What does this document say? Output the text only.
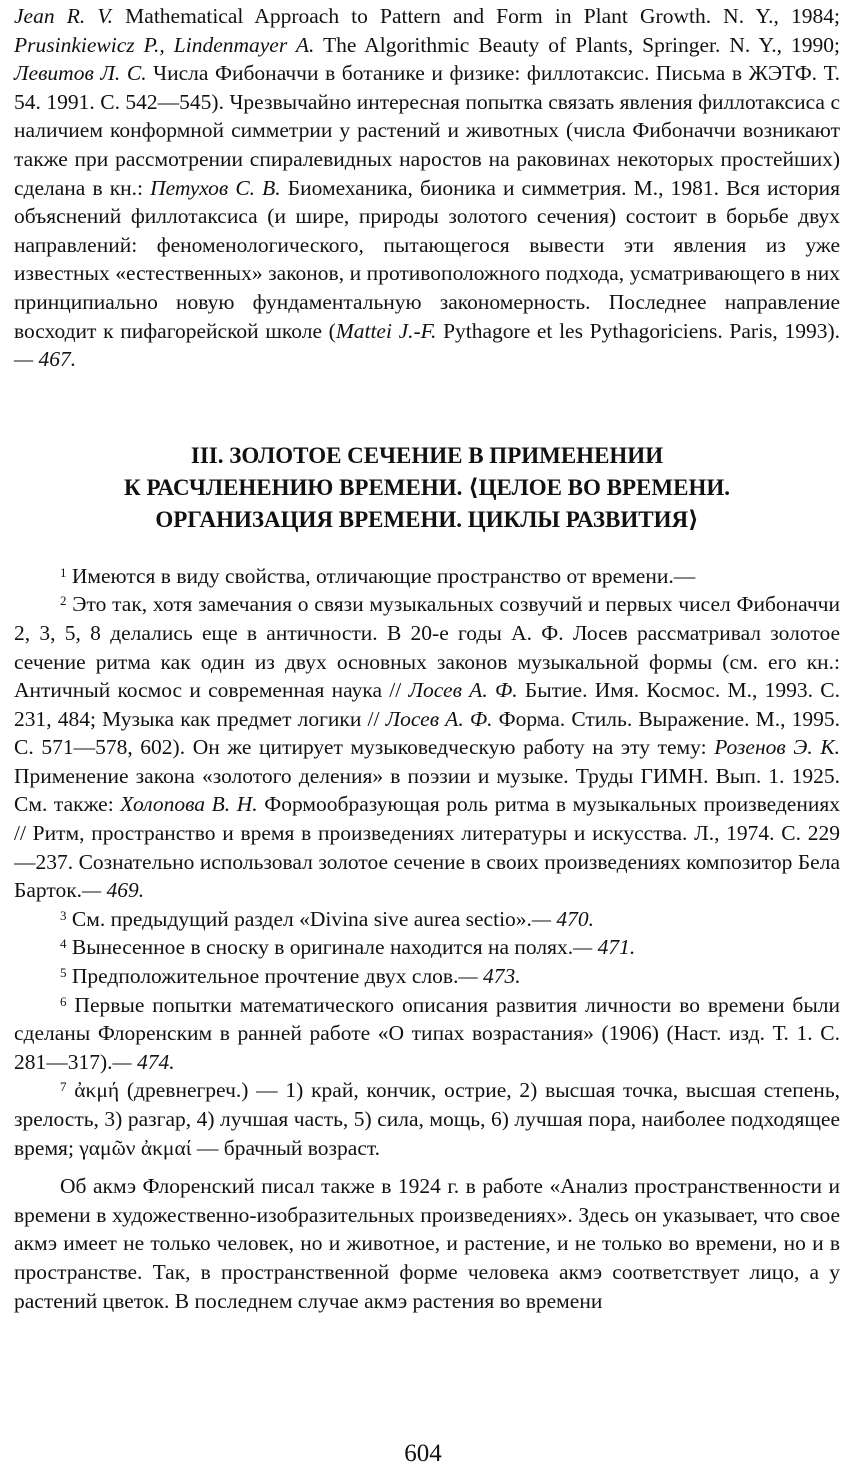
Jean R. V. Mathematical Approach to Pattern and Form in Plant Growth. N. Y., 1984; Prusinkiewicz P., Lindenmayer A. The Algorithmic Beauty of Plants, Springer. N. Y., 1990; Левитов Л. С. Числа Фибоначчи в ботанике и физике: филлотаксис. Письма в ЖЭТФ. Т. 54. 1991. С. 542—545). Чрезвычайно интересная попытка связать явления филлотаксиса с наличием конформной симметрии у растений и животных (числа Фибоначчи возникают также при рассмотрении спиралевидных наростов на раковинах некоторых простейших) сделана в кн.: Петухов С. В. Биомеханика, бионика и симметрия. М., 1981. Вся история объяснений филлотаксиса (и шире, природы золотого сечения) состоит в борьбе двух направлений: феноменологического, пытающегося вывести эти явления из уже известных «естественных» законов, и противоположного подхода, усматривающего в них принципиально новую фундаментальную закономерность. Последнее направление восходит к пифагорейской школе (Mattei J.-F. Pythagore et les Pythagoriciens. Paris, 1993).— 467.

III. ЗОЛОТОЕ СЕЧЕНИЕ В ПРИМЕНЕНИИ
К РАСЧЛЕНЕНИЮ ВРЕМЕНИ. ⟨ЦЕЛОЕ ВО ВРЕМЕНИ.
ОРГАНИЗАЦИЯ ВРЕМЕНИ. ЦИКЛЫ РАЗВИТИЯ⟩

$^1$ Имеются в виду свойства, отличающие пространство от времени.—

$^2$ Это так, хотя замечания о связи музыкальных созвучий и первых чисел Фибоначчи 2, 3, 5, 8 делались еще в античности. В 20-е годы А. Ф. Лосев рассматривал золотое сечение ритма как один из двух основных законов музыкальной формы (см. его кн.: Античный космос и современная наука // Лосев А. Ф. Бытие. Имя. Космос. М., 1993. С. 231, 484; Музыка как предмет логики // Лосев А. Ф. Форма. Стиль. Выражение. М., 1995. С. 571—578, 602). Он же цитирует музыковедческую работу на эту тему: Розенов Э. К. Применение закона «золотого деления» в поэзии и музыке. Труды ГИМН. Вып. 1. 1925. См. также: Холопова В. Н. Формообразующая роль ритма в музыкальных произведениях // Ритм, пространство и время в произведениях литературы и искусства. Л., 1974. С. 229—237. Сознательно использовал золотое сечение в своих произведениях композитор Бела Барток.— 469.

$^3$ См. предыдущий раздел «Divina sive aurea sectio».— 470.

$^4$ Вынесенное в сноску в оригинале находится на полях.— 471.

$^5$ Предположительное прочтение двух слов.— 473.

$^6$ Первые попытки математического описания развития личности во времени были сделаны Флоренским в ранней работе «О типах возрастания» (1906) (Наст. изд. Т. 1. С. 281—317).— 474.

$^7$ ἀκμή (древнегреч.) — 1) край, кончик, острие, 2) высшая точка, высшая степень, зрелость, 3) разгар, 4) лучшая часть, 5) сила, мощь, 6) лучшая пора, наиболее подходящее время; γαμῶν ἀκμαί — брачный возраст.

Об акмэ Флоренский писал также в 1924 г. в работе «Анализ пространственности и времени в художественно-изобразительных произведениях». Здесь он указывает, что свое акмэ имеет не только человек, но и животное, и растение, и не только во времени, но и в пространстве. Так, в пространственной форме человека акмэ соответствует лицо, а у растений цветок. В последнем случае акмэ растения во времени

604
